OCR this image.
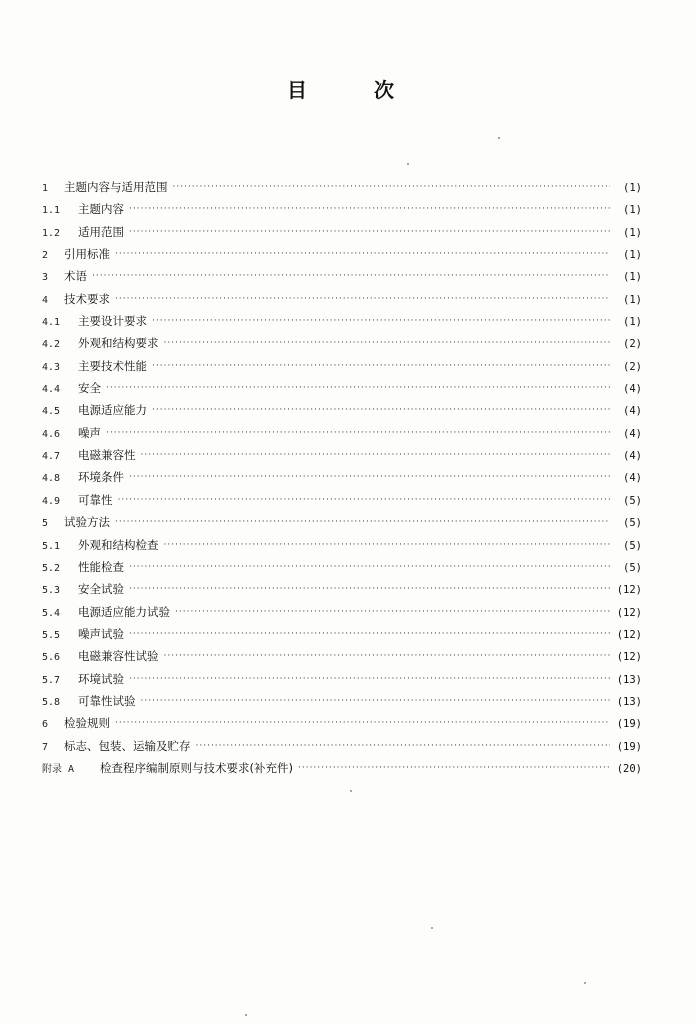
目	次
1	主题内容与适用范围 ·····	(1)
1.1	主题内容 ·····	(1)
1.2	适用范围 ·····	(1)
2	引用标准 ·····	(1)
3	术语 ·····	(1)
4	技术要求 ·····	(1)
4.1	主要设计要求 ·····	(1)
4.2	外观和结构要求 ·····	(2)
4.3	主要技术性能 ·····	(2)
4.4	安全 ·····	(4)
4.5	电源适应能力 ·····	(4)
4.6	噪声 ·····	(4)
4.7	电磁兼容性 ·····	(4)
4.8	环境条件 ·····	(4)
4.9	可靠性 ·····	(5)
5	试验方法 ·····	(5)
5.1	外观和结构检查 ·····	(5)
5.2	性能检查 ·····	(5)
5.3	安全试验 ·····	(12)
5.4	电源适应能力试验 ·····	(12)
5.5	噪声试验 ·····	(12)
5.6	电磁兼容性试验 ·····	(12)
5.7	环境试验 ·····	(13)
5.8	可靠性试验 ·····	(13)
6	检验规则 ·····	(19)
7	标志、包装、运输及贮存 ·····	(19)
附录 A	检查程序编制原则与技术要求(补充件) ·····	(20)
